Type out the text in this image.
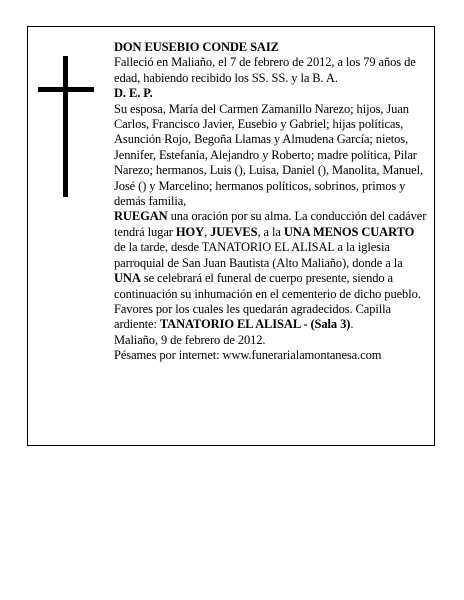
DON EUSEBIO CONDE SAIZ

Falleció en Maliaño, el 7 de febrero de 2012, a los 79 años de edad, habiendo recibido los SS. SS. y la B. A.

D. E. P.

Su esposa, María del Carmen Zamanillo Narezo; hijos, Juan Carlos, Francisco Javier, Eusebio y Gabriel; hijas políticas, Asunción Rojo, Begoña Llamas y Almudena García; nietos, Jennifer, Estefanía, Alejandro y Roberto; madre política, Pilar Narezo; hermanos, Luis (), Luisa, Daniel (), Manolita, Manuel, José () y Marcelino; hermanos políticos, sobrinos, primos y demás familia,

RUEGAN una oración por su alma. La conducción del cadáver tendrá lugar HOY, JUEVES, a la UNA MENOS CUARTO de la tarde, desde TANATORIO EL ALISAL a la iglesia parroquial de San Juan Bautista (Alto Maliaño), donde a la UNA se celebrará el funeral de cuerpo presente, siendo a continuación su inhumación en el cementerio de dicho pueblo. Favores por los cuales les quedarán agradecidos. Capilla ardiente: TANATORIO EL ALISAL - (Sala 3).

Maliaño, 9 de febrero de 2012.

Pésames por internet: www.funerarialamontanesa.com
